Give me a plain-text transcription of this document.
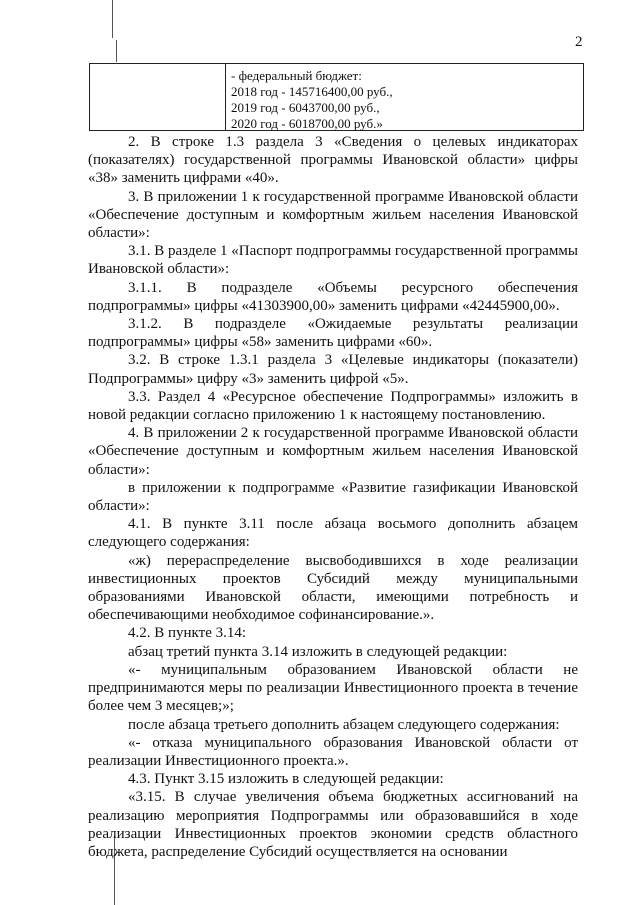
2
- федеральный бюджет:
2018 год - 145716400,00 руб.,
2019 год - 6043700,00 руб.,
2020 год - 6018700,00 руб.»

2. В строке 1.3 раздела 3 «Сведения о целевых индикаторах (показателях) государственной программы Ивановской области» цифры «38» заменить цифрами «40».

3. В приложении 1 к государственной программе Ивановской области «Обеспечение доступным и комфортным жильем населения Ивановской области»:

3.1. В разделе 1 «Паспорт подпрограммы государственной программы Ивановской области»:

3.1.1. В подразделе «Объемы ресурсного обеспечения подпрограммы» цифры «41303900,00» заменить цифрами «42445900,00».

3.1.2. В подразделе «Ожидаемые результаты реализации подпрограммы» цифры «58» заменить цифрами «60».

3.2. В строке 1.3.1 раздела 3 «Целевые индикаторы (показатели) Подпрограммы» цифру «3» заменить цифрой «5».

3.3. Раздел 4 «Ресурсное обеспечение Подпрограммы» изложить в новой редакции согласно приложению 1 к настоящему постановлению.

4. В приложении 2 к государственной программе Ивановской области «Обеспечение доступным и комфортным жильем населения Ивановской области»:

в приложении к подпрограмме «Развитие газификации Ивановской области»:

4.1. В пункте 3.11 после абзаца восьмого дополнить абзацем следующего содержания:

«ж) перераспределение высвободившихся в ходе реализации инвестиционных проектов Субсидий между муниципальными образованиями Ивановской области, имеющими потребность и обеспечивающими необходимое софинансирование.».

4.2. В пункте 3.14:

абзац третий пункта 3.14 изложить в следующей редакции:

«- муниципальным образованием Ивановской области не предпринимаются меры по реализации Инвестиционного проекта в течение более чем 3 месяцев;»;

после абзаца третьего дополнить абзацем следующего содержания:

«- отказа муниципального образования Ивановской области от реализации Инвестиционного проекта.».

4.3. Пункт 3.15 изложить в следующей редакции:

«3.15. В случае увеличения объема бюджетных ассигнований на реализацию мероприятия Подпрограммы или образовавшийся в ходе реализации Инвестиционных проектов экономии средств областного бюджета, распределение Субсидий осуществляется на основании
